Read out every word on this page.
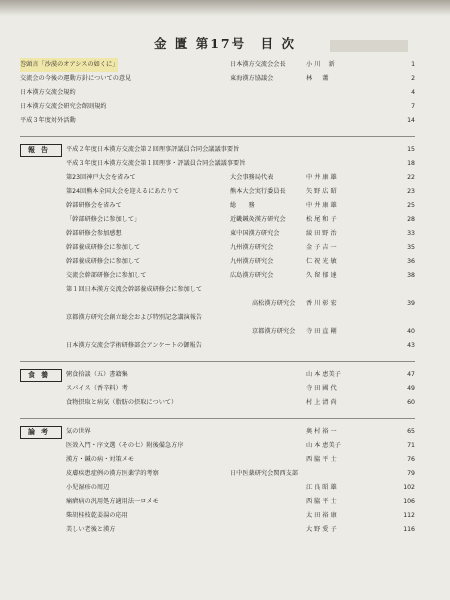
金 匱 第17号　目 次
巻頭言「沙漠のオアシスの如くに」	日本漢方交流会会長	小 川 　新	1
交流会の今後の運動方針についての意見	東海漢方協議会	林 　 蕭	2
日本漢方交流会規約	4
日本漢方交流会研究会館則規約	7
平成３年度対外活動	14
報告	平成２年度日本漢方交流会第２回理事評議員合同会議議事要旨	15
平成３年度日本漢方交流会第１回理事・評議員合同会議議事要旨	18
第23回神戸大会を省みて	大会事務局代表	中 井 康 雄	22
第24回熊本全国大会を迎えるにあたりて	熊本大会実行委員長	矢 野 広 昭	23
幹部研修会を省みて	総　　務	中 井 康 雄	25
「幹部研修会に参加して」	近畿鍼灸漢方研究会	松 尾 和 子	28
幹部研修会参加感想	東中国漢方研究会	綾 田 野 治	33
幹部養成研修会に参加して	九州漢方研究会	金 子 吉 一	35
幹部養成研修会に参加して	九州漢方研究会	仁 祝 光 敏	36
交流会幹部研修会に参加して	広島漢方研究会	久 留 郁 達	38
第１回日本漢方交流会幹部養成研修会に参加して
高松漢方研究会 香 川 彰 宏	39
京都漢方研究会創立総会および特別記念講演報告
京都漢方研究会 寺 田 直 剛	40
日本漢方交流会学術研修部会アンケートの御報告	43
食養	粥食拾談（五）書籍集	山 本 恵美子	47
スパイス（香辛料）考	寺 田 國 代	49
食物摂取と病気（脂肪の摂取について）	村 上 清 尚	60
論考	気の世界	奥 村 裕 一	65
医效入門・序文選（その七）附後備急方序	山 本 恵美子	71
漢方・鍼の病・対策メモ	西 脇 平 士	76
皮膚疾患症例の漢方医薬学的考察	日中医薬研究会関西支部	79
小児湿疹の周辺	江 良 昭 雄	102
痛瘡病の汎用処方適用法一ロメモ	西 脇 平 士	106
柴胡桂枝乾姜湯の応用	太 田 裕 康	112
美しい老後と漢方	大 野 愛 子	116
